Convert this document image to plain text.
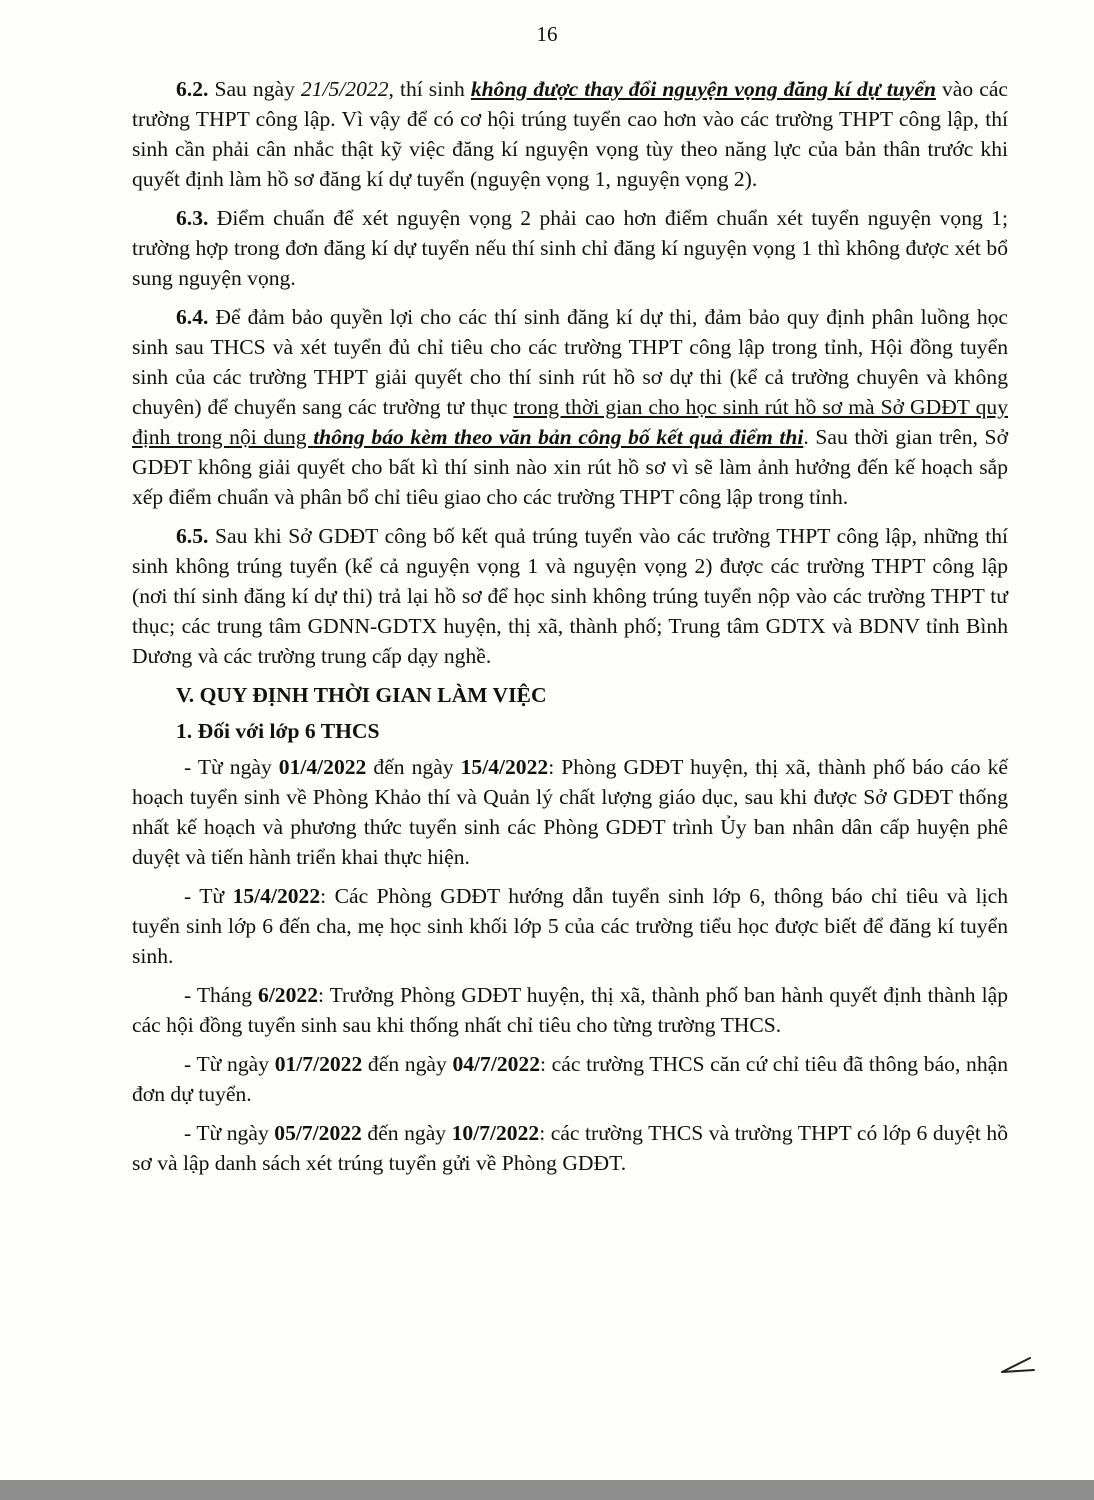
16

6.2. Sau ngày 21/5/2022, thí sinh không được thay đổi nguyện vọng đăng kí dự tuyển vào các trường THPT công lập. Vì vậy để có cơ hội trúng tuyển cao hơn vào các trường THPT công lập, thí sinh cần phải cân nhắc thật kỹ việc đăng kí nguyện vọng tùy theo năng lực của bản thân trước khi quyết định làm hồ sơ đăng kí dự tuyển (nguyện vọng 1, nguyện vọng 2).

6.3. Điểm chuẩn để xét nguyện vọng 2 phải cao hơn điểm chuẩn xét tuyển nguyện vọng 1; trường hợp trong đơn đăng kí dự tuyển nếu thí sinh chỉ đăng kí nguyện vọng 1 thì không được xét bổ sung nguyện vọng.

6.4. Để đảm bảo quyền lợi cho các thí sinh đăng kí dự thi, đảm bảo quy định phân luồng học sinh sau THCS và xét tuyển đủ chỉ tiêu cho các trường THPT công lập trong tỉnh, Hội đồng tuyển sinh của các trường THPT giải quyết cho thí sinh rút hồ sơ dự thi (kể cả trường chuyên và không chuyên) để chuyển sang các trường tư thục trong thời gian cho học sinh rút hồ sơ mà Sở GDĐT quy định trong nội dung thông báo kèm theo văn bản công bố kết quả điểm thi. Sau thời gian trên, Sở GDĐT không giải quyết cho bất kì thí sinh nào xin rút hồ sơ vì sẽ làm ảnh hưởng đến kế hoạch sắp xếp điểm chuẩn và phân bổ chỉ tiêu giao cho các trường THPT công lập trong tỉnh.

6.5. Sau khi Sở GDĐT công bố kết quả trúng tuyển vào các trường THPT công lập, những thí sinh không trúng tuyển (kể cả nguyện vọng 1 và nguyện vọng 2) được các trường THPT công lập (nơi thí sinh đăng kí dự thi) trả lại hồ sơ để học sinh không trúng tuyển nộp vào các trường THPT tư thục; các trung tâm GDNN-GDTX huyện, thị xã, thành phố; Trung tâm GDTX và BDNV tỉnh Bình Dương và các trường trung cấp dạy nghề.

V. QUY ĐỊNH THỜI GIAN LÀM VIỆC
1. Đối với lớp 6 THCS

- Từ ngày 01/4/2022 đến ngày 15/4/2022: Phòng GDĐT huyện, thị xã, thành phố báo cáo kế hoạch tuyển sinh về Phòng Khảo thí và Quản lý chất lượng giáo dục, sau khi được Sở GDĐT thống nhất kế hoạch và phương thức tuyển sinh các Phòng GDĐT trình Ủy ban nhân dân cấp huyện phê duyệt và tiến hành triển khai thực hiện.

- Từ 15/4/2022: Các Phòng GDĐT hướng dẫn tuyển sinh lớp 6, thông báo chỉ tiêu và lịch tuyển sinh lớp 6 đến cha, mẹ học sinh khối lớp 5 của các trường tiểu học được biết để đăng kí tuyển sinh.

- Tháng 6/2022: Trưởng Phòng GDĐT huyện, thị xã, thành phố ban hành quyết định thành lập các hội đồng tuyển sinh sau khi thống nhất chỉ tiêu cho từng trường THCS.

- Từ ngày 01/7/2022 đến ngày 04/7/2022: các trường THCS căn cứ chỉ tiêu đã thông báo, nhận đơn dự tuyển.

- Từ ngày 05/7/2022 đến ngày 10/7/2022: các trường THCS và trường THPT có lớp 6 duyệt hồ sơ và lập danh sách xét trúng tuyển gửi về Phòng GDĐT.
